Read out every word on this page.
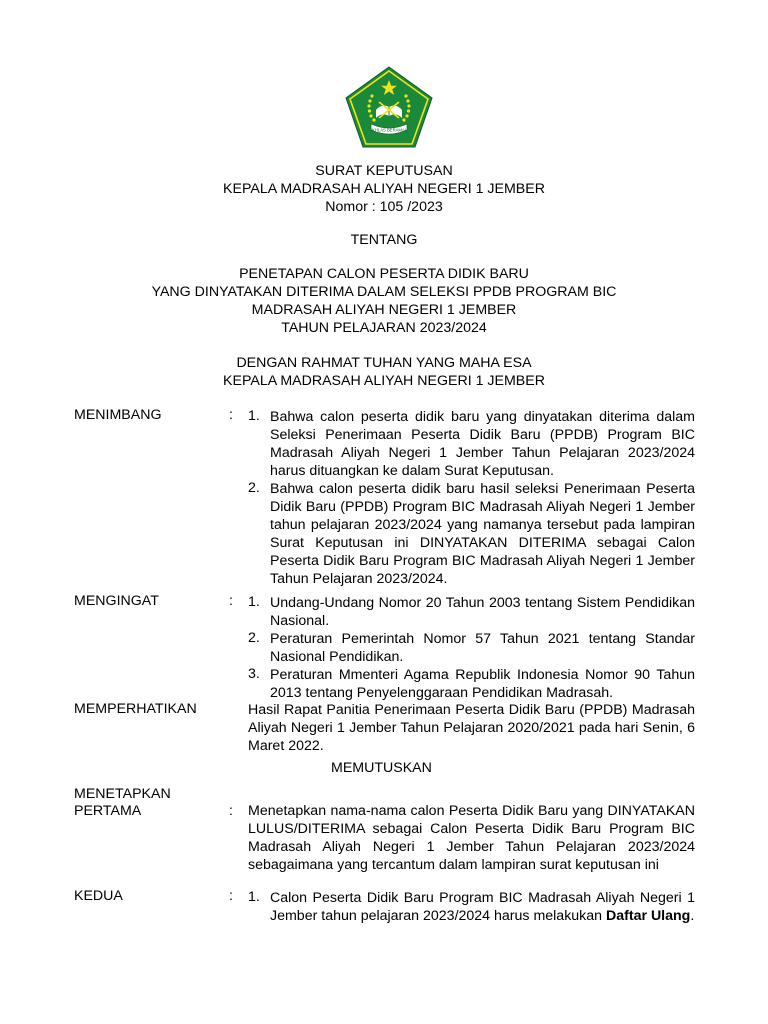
IKHLAS BERAMAL
SURAT KEPUTUSAN
KEPALA MADRASAH ALIYAH NEGERI 1 JEMBER
Nomor : 105 /2023
TENTANG
PENETAPAN CALON PESERTA DIDIK BARU
YANG DINYATAKAN DITERIMA DALAM SELEKSI PPDB PROGRAM BIC
MADRASAH ALIYAH NEGERI 1 JEMBER
TAHUN PELAJARAN 2023/2024
DENGAN RAHMAT TUHAN YANG MAHA ESA
KEPALA MADRASAH ALIYAH NEGERI 1 JEMBER
MENIMBANG	: 1. Bahwa calon peserta didik baru yang dinyatakan diterima dalam Seleksi Penerimaan Peserta Didik Baru (PPDB) Program BIC Madrasah Aliyah Negeri 1 Jember Tahun Pelajaran 2023/2024 harus dituangkan ke dalam Surat Keputusan.

2. Bahwa calon peserta didik baru hasil seleksi Penerimaan Peserta Didik Baru (PPDB) Program BIC Madrasah Aliyah Negeri 1 Jember tahun pelajaran 2023/2024 yang namanya tersebut pada lampiran Surat Keputusan ini DINYATAKAN DITERIMA sebagai Calon Peserta Didik Baru Program BIC Madrasah Aliyah Negeri 1 Jember Tahun Pelajaran 2023/2024.

MENGINGAT	: 1. Undang-Undang Nomor 20 Tahun 2003 tentang Sistem Pendidikan Nasional.

2. Peraturan Pemerintah Nomor 57 Tahun 2021 tentang Standar Nasional Pendidikan.

3. Peraturan Mmenteri Agama Republik Indonesia Nomor 90 Tahun 2013 tentang Penyelenggaraan Pendidikan Madrasah.

MEMPERHATIKAN	Hasil Rapat Panitia Penerimaan Peserta Didik Baru (PPDB) Madrasah Aliyah Negeri 1 Jember Tahun Pelajaran 2020/2021 pada hari Senin, 6 Maret 2022.

MEMUTUSKAN
MENETAPKAN
PERTAMA	: Menetapkan nama-nama calon Peserta Didik Baru yang DINYATAKAN LULUS/DITERIMA sebagai Calon Peserta Didik Baru Program BIC Madrasah Aliyah Negeri 1 Jember Tahun Pelajaran 2023/2024 sebagaimana yang tercantum dalam lampiran surat keputusan ini

KEDUA	: 1. Calon Peserta Didik Baru Program BIC Madrasah Aliyah Negeri 1 Jember tahun pelajaran 2023/2024 harus melakukan Daftar Ulang.
